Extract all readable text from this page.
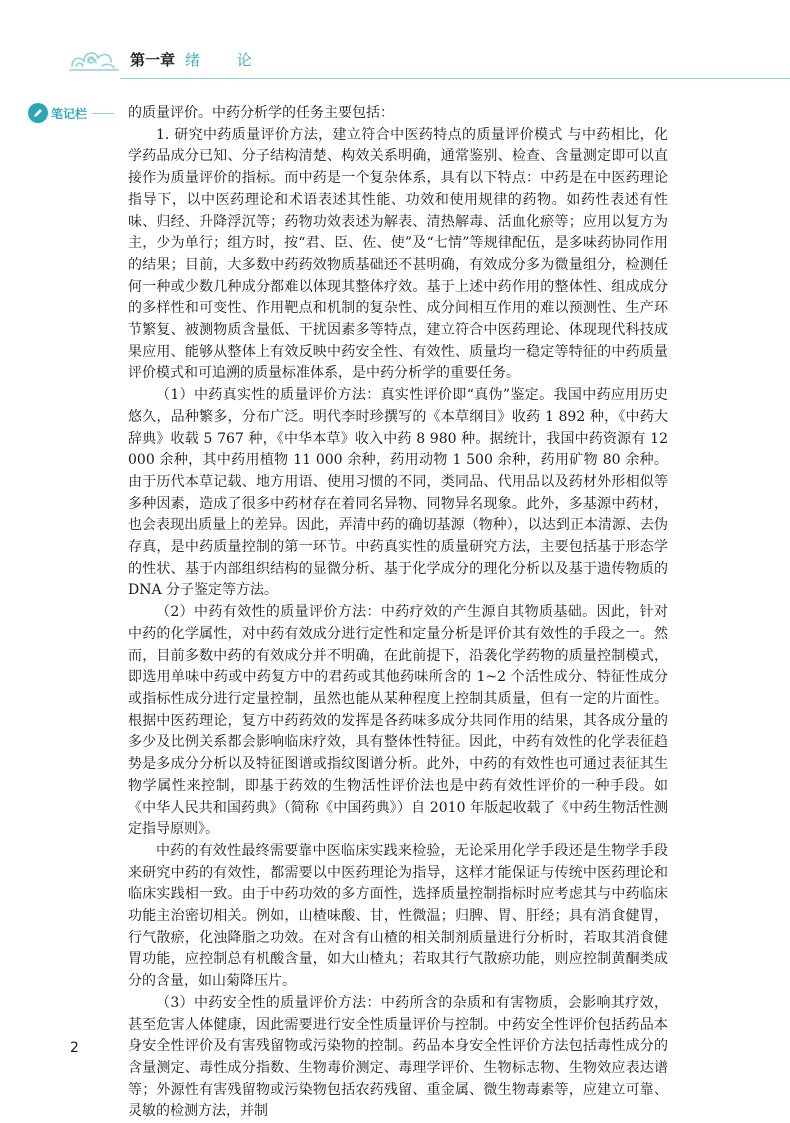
第一章 绪 论
笔记栏	的质量评价。中药分析学的任务主要包括：

1. 研究中药质量评价方法，建立符合中医药特点的质量评价模式 与中药相比，化学药品成分已知、分子结构清楚、构效关系明确，通常鉴别、检查、含量测定即可以直接作为质量评价的指标。而中药是一个复杂体系，具有以下特点：中药是在中医药理论指导下，以中医药理论和术语表述其性能、功效和使用规律的药物。如药性表述有性味、归经、升降浮沉等；药物功效表述为解表、清热解毒、活血化瘀等；应用以复方为主，少为单行；组方时，按“君、臣、佐、使”及“七情”等规律配伍，是多味药协同作用的结果；目前，大多数中药药效物质基础还不甚明确，有效成分多为微量组分，检测任何一种或少数几种成分都难以体现其整体疗效。基于上述中药作用的整体性、组成成分的多样性和可变性、作用靶点和机制的复杂性、成分间相互作用的难以预测性、生产环节繁复、被测物质含量低、干扰因素多等特点，建立符合中医药理论、体现现代科技成果应用、能够从整体上有效反映中药安全性、有效性、质量均一稳定等特征的中药质量评价模式和可追溯的质量标准体系，是中药分析学的重要任务。

（1）中药真实性的质量评价方法：真实性评价即“真伪”鉴定。我国中药应用历史悠久，品种繁多，分布广泛。明代李时珍撰写的《本草纲目》收药 1 892 种，《中药大辞典》收载 5 767 种，《中华本草》收入中药 8 980 种。据统计，我国中药资源有 12 000 余种，其中药用植物 11 000 余种，药用动物 1 500 余种，药用矿物 80 余种。由于历代本草记载、地方用语、使用习惯的不同，类同品、代用品以及药材外形相似等多种因素，造成了很多中药材存在着同名异物、同物异名现象。此外，多基源中药材，也会表现出质量上的差异。因此，弄清中药的确切基源（物种），以达到正本清源、去伪存真，是中药质量控制的第一环节。中药真实性的质量研究方法，主要包括基于形态学的性状、基于内部组织结构的显微分析、基于化学成分的理化分析以及基于遗传物质的 DNA 分子鉴定等方法。

（2）中药有效性的质量评价方法：中药疗效的产生源自其物质基础。因此，针对中药的化学属性，对中药有效成分进行定性和定量分析是评价其有效性的手段之一。然而，目前多数中药的有效成分并不明确，在此前提下，沿袭化学药物的质量控制模式，即选用单味中药或中药复方中的君药或其他药味所含的 1~2 个活性成分、特征性成分或指标性成分进行定量控制，虽然也能从某种程度上控制其质量，但有一定的片面性。根据中医药理论，复方中药药效的发挥是各药味多成分共同作用的结果，其各成分量的多少及比例关系都会影响临床疗效，具有整体性特征。因此，中药有效性的化学表征趋势是多成分分析以及特征图谱或指纹图谱分析。此外，中药的有效性也可通过表征其生物学属性来控制，即基于药效的生物活性评价法也是中药有效性评价的一种手段。如《中华人民共和国药典》（简称《中国药典》）自 2010 年版起收载了《中药生物活性测定指导原则》。

中药的有效性最终需要靠中医临床实践来检验，无论采用化学手段还是生物学手段来研究中药的有效性，都需要以中医药理论为指导，这样才能保证与传统中医药理论和临床实践相一致。由于中药功效的多方面性，选择质量控制指标时应考虑其与中药临床功能主治密切相关。例如，山楂味酸、甘，性微温；归脾、胃、肝经；具有消食健胃，行气散瘀，化浊降脂之功效。在对含有山楂的相关制剂质量进行分析时，若取其消食健胃功能，应控制总有机酸含量，如大山楂丸；若取其行气散瘀功能，则应控制黄酮类成分的含量，如山菊降压片。

（3）中药安全性的质量评价方法：中药所含的杂质和有害物质，会影响其疗效，甚至危害人体健康，因此需要进行安全性质量评价与控制。中药安全性评价包括药品本身安全性评价及有害残留物或污染物的控制。药品本身安全性评价方法包括毒性成分的含量测定、毒性成分指数、生物毒价测定、毒理学评价、生物标志物、生物效应表达谱等；外源性有害残留物或污染物包括农药残留、重金属、微生物毒素等，应建立可靠、灵敏的检测方法，并制

2
